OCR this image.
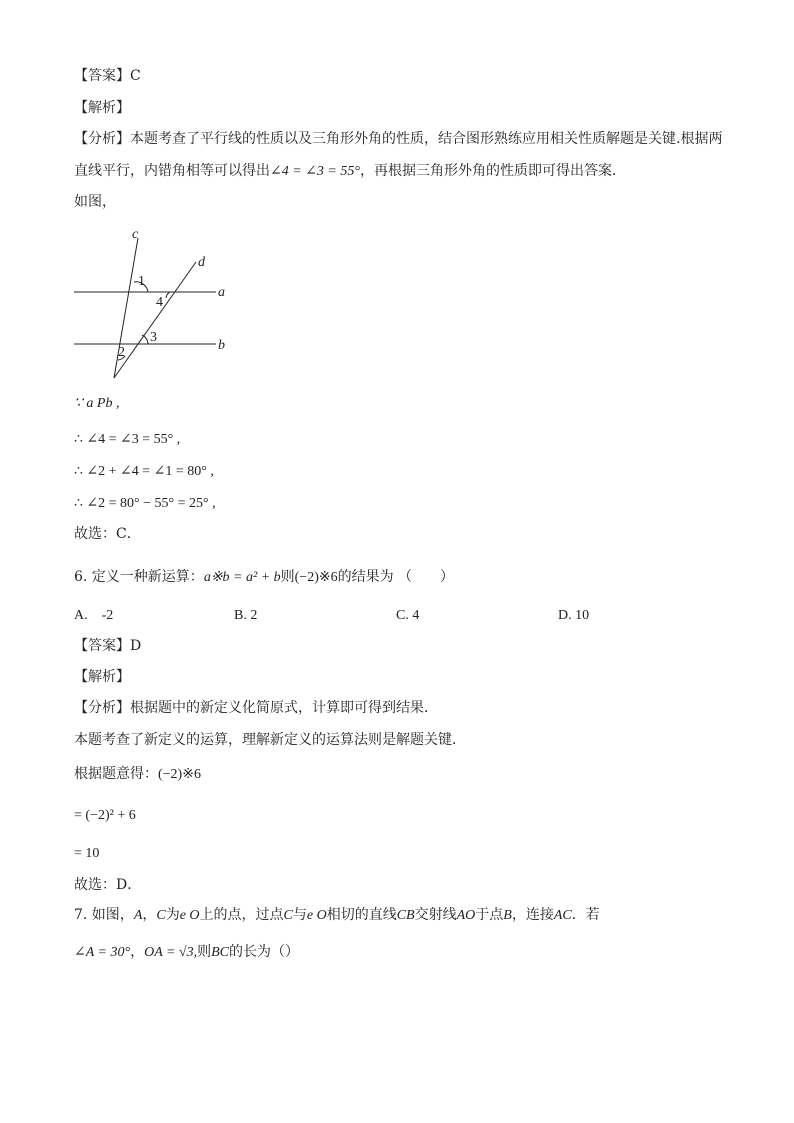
【答案】C
【解析】
【分析】本题考查了平行线的性质以及三角形外角的性质，结合图形熟练应用相关性质解题是关键.根据两
直线平行，内错角相等可以得出∠4 = ∠3 = 55°，再根据三角形外角的性质即可得出答案．
如图，
c
d
a
b
1
4
3
2
∵ a Pb ,
∴ ∠4 = ∠3 = 55° ,
∴ ∠2 + ∠4 = ∠1 = 80° ,
∴ ∠2 = 80° − 55° = 25° ,
故选：C．
6. 定义一种新运算：a※b = a² + b则(−2)※6的结果为 （　　）
A.　-2	B. 2	C. 4	D. 10
【答案】D
【解析】
【分析】根据题中的新定义化简原式，计算即可得到结果．
本题考查了新定义的运算，理解新定义的运算法则是解题关键．
根据题意得：(−2)※6
= (−2)² + 6
= 10
故选：D．
7. 如图，A，C为e O上的点，过点C与e O相切的直线CB交射线AO于点B，连接AC．若
∠A = 30°，OA = √3,则BC的长为（）
